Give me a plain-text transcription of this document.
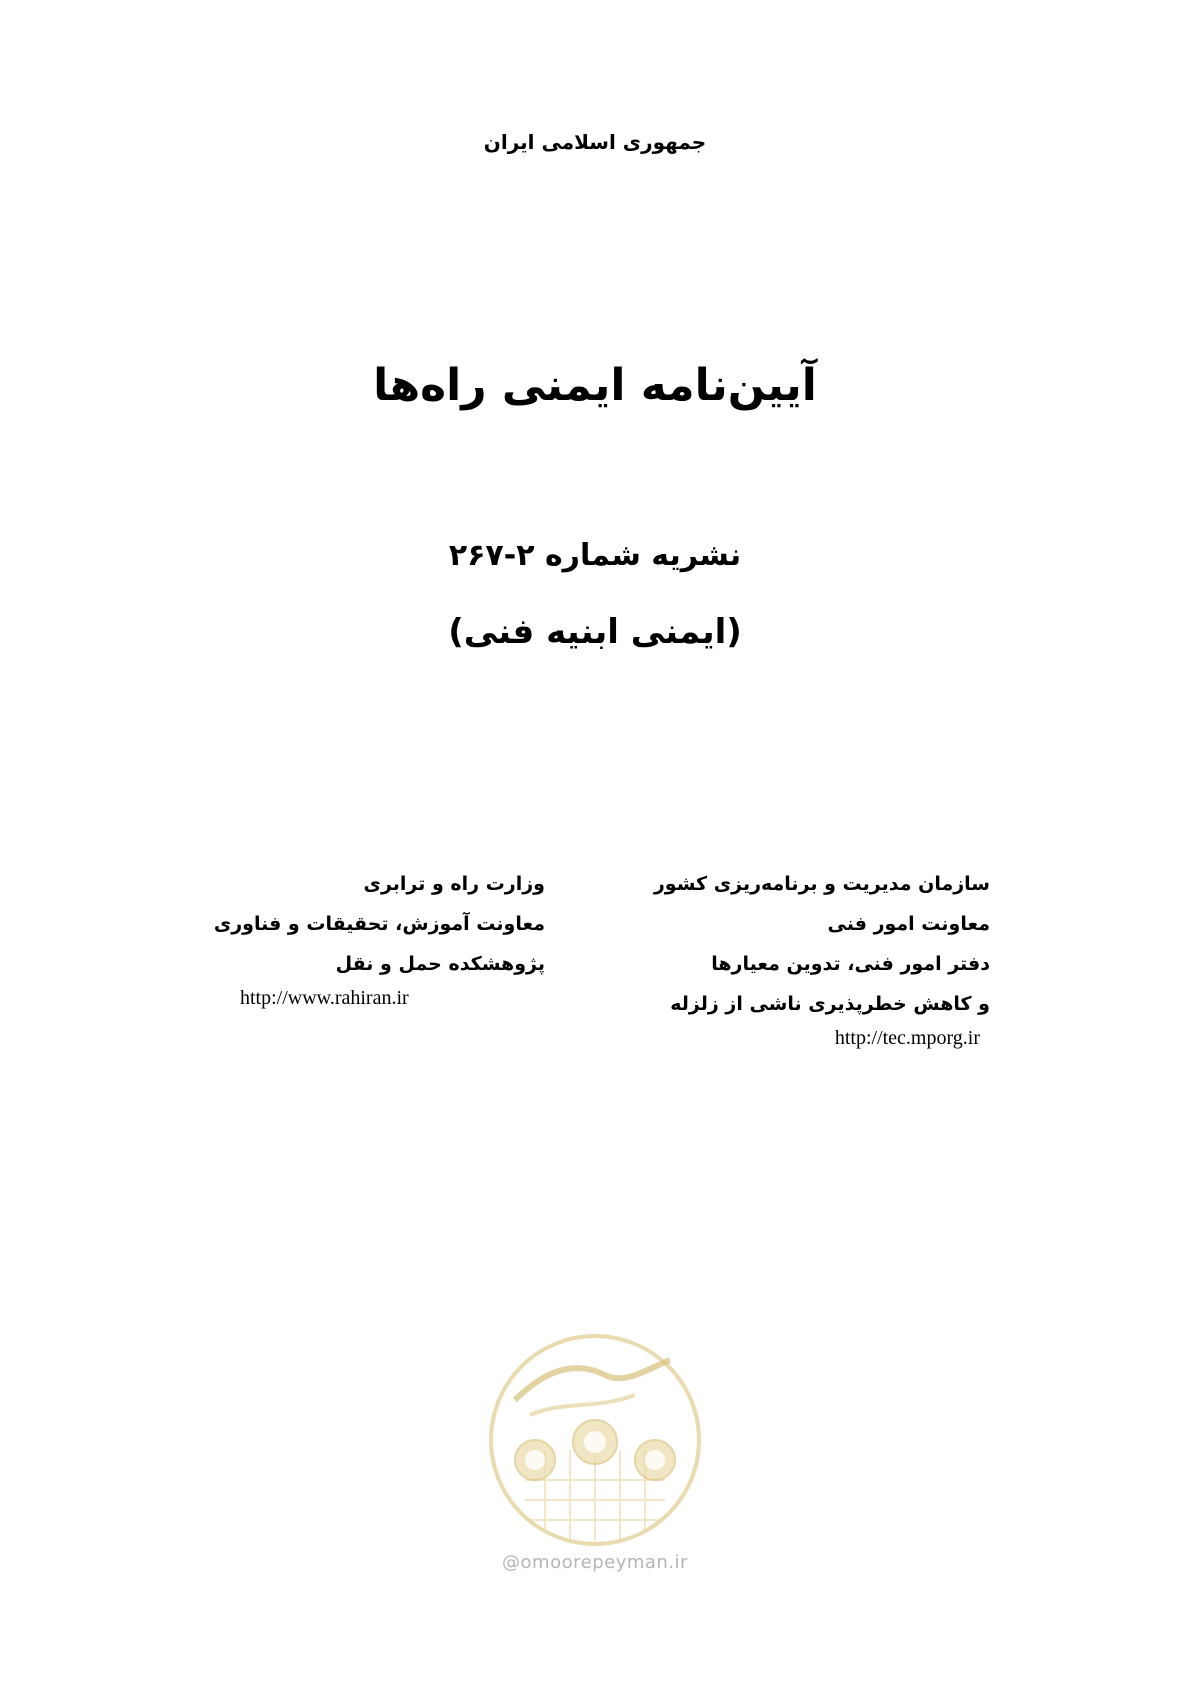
جمهوری اسلامی ایران
آیین‌نامه ایمنی راه‌ها
نشریه شماره ۲-۲۶۷
(ایمنی ابنیه فنی)
سازمان مدیریت و برنامه‌ریزی کشور
معاونت امور فنی
دفتر امور فنی، تدوین معیارها
و کاهش خطرپذیری ناشی از زلزله
http://tec.mporg.ir
وزارت راه و ترابری
معاونت آموزش، تحقیقات و فناوری
پژوهشکده حمل و نقل
http://www.rahiran.ir
@omoorepeyman.ir
